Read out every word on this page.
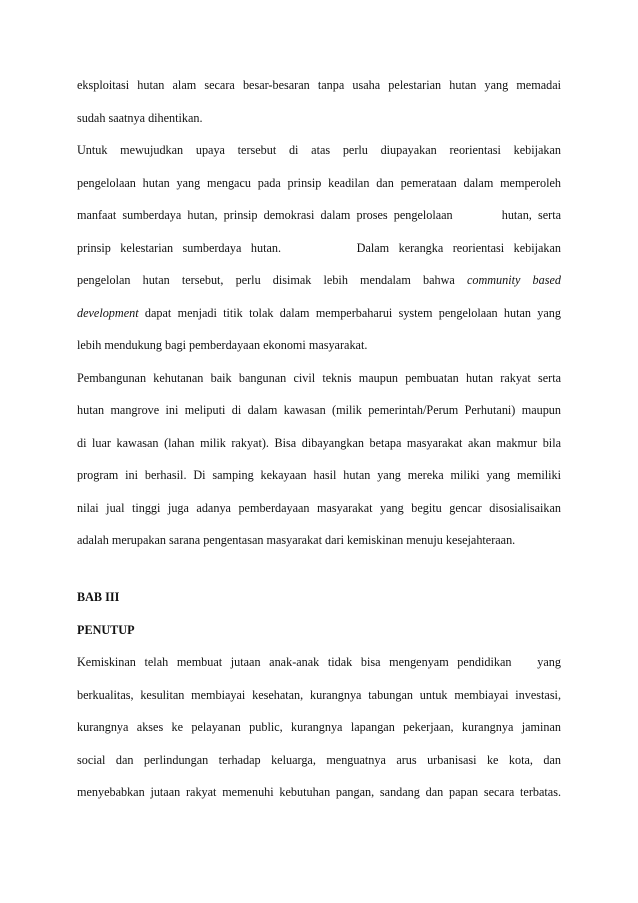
eksploitasi hutan alam secara besar-besaran tanpa usaha pelestarian hutan yang memadai
sudah saatnya dihentikan.
Untuk mewujudkan upaya tersebut di atas perlu diupayakan reorientasi kebijakan
pengelolaan hutan yang mengacu pada prinsip keadilan dan pemerataan dalam memperoleh
manfaat sumberdaya hutan, prinsip demokrasi dalam proses pengelolaan        hutan, serta
prinsip kelestarian sumberdaya hutan.        Dalam kerangka reorientasi kebijakan
pengelolan hutan tersebut, perlu disimak lebih mendalam bahwa community based
development dapat menjadi titik tolak dalam memperbaharui system pengelolaan hutan yang
lebih mendukung bagi pemberdayaan ekonomi masyarakat.
Pembangunan kehutanan baik bangunan civil teknis maupun pembuatan hutan rakyat serta
hutan mangrove ini meliputi di dalam kawasan (milik pemerintah/Perum Perhutani) maupun
di luar kawasan (lahan milik rakyat). Bisa dibayangkan betapa masyarakat akan makmur bila
program ini berhasil. Di samping kekayaan hasil hutan yang mereka miliki yang memiliki
nilai jual tinggi juga adanya pemberdayaan masyarakat yang begitu gencar disosialisaikan
adalah merupakan sarana pengentasan masyarakat dari kemiskinan menuju kesejahteraan.
BAB III
PENUTUP
Kemiskinan telah membuat jutaan anak-anak tidak bisa mengenyam pendidikan   yang
berkualitas, kesulitan membiayai kesehatan, kurangnya tabungan untuk membiayai investasi,
kurangnya akses ke pelayanan public, kurangnya lapangan pekerjaan, kurangnya jaminan
social dan perlindungan terhadap keluarga, menguatnya arus urbanisasi ke kota, dan
menyebabkan jutaan rakyat memenuhi kebutuhan pangan, sandang dan papan secara terbatas.
